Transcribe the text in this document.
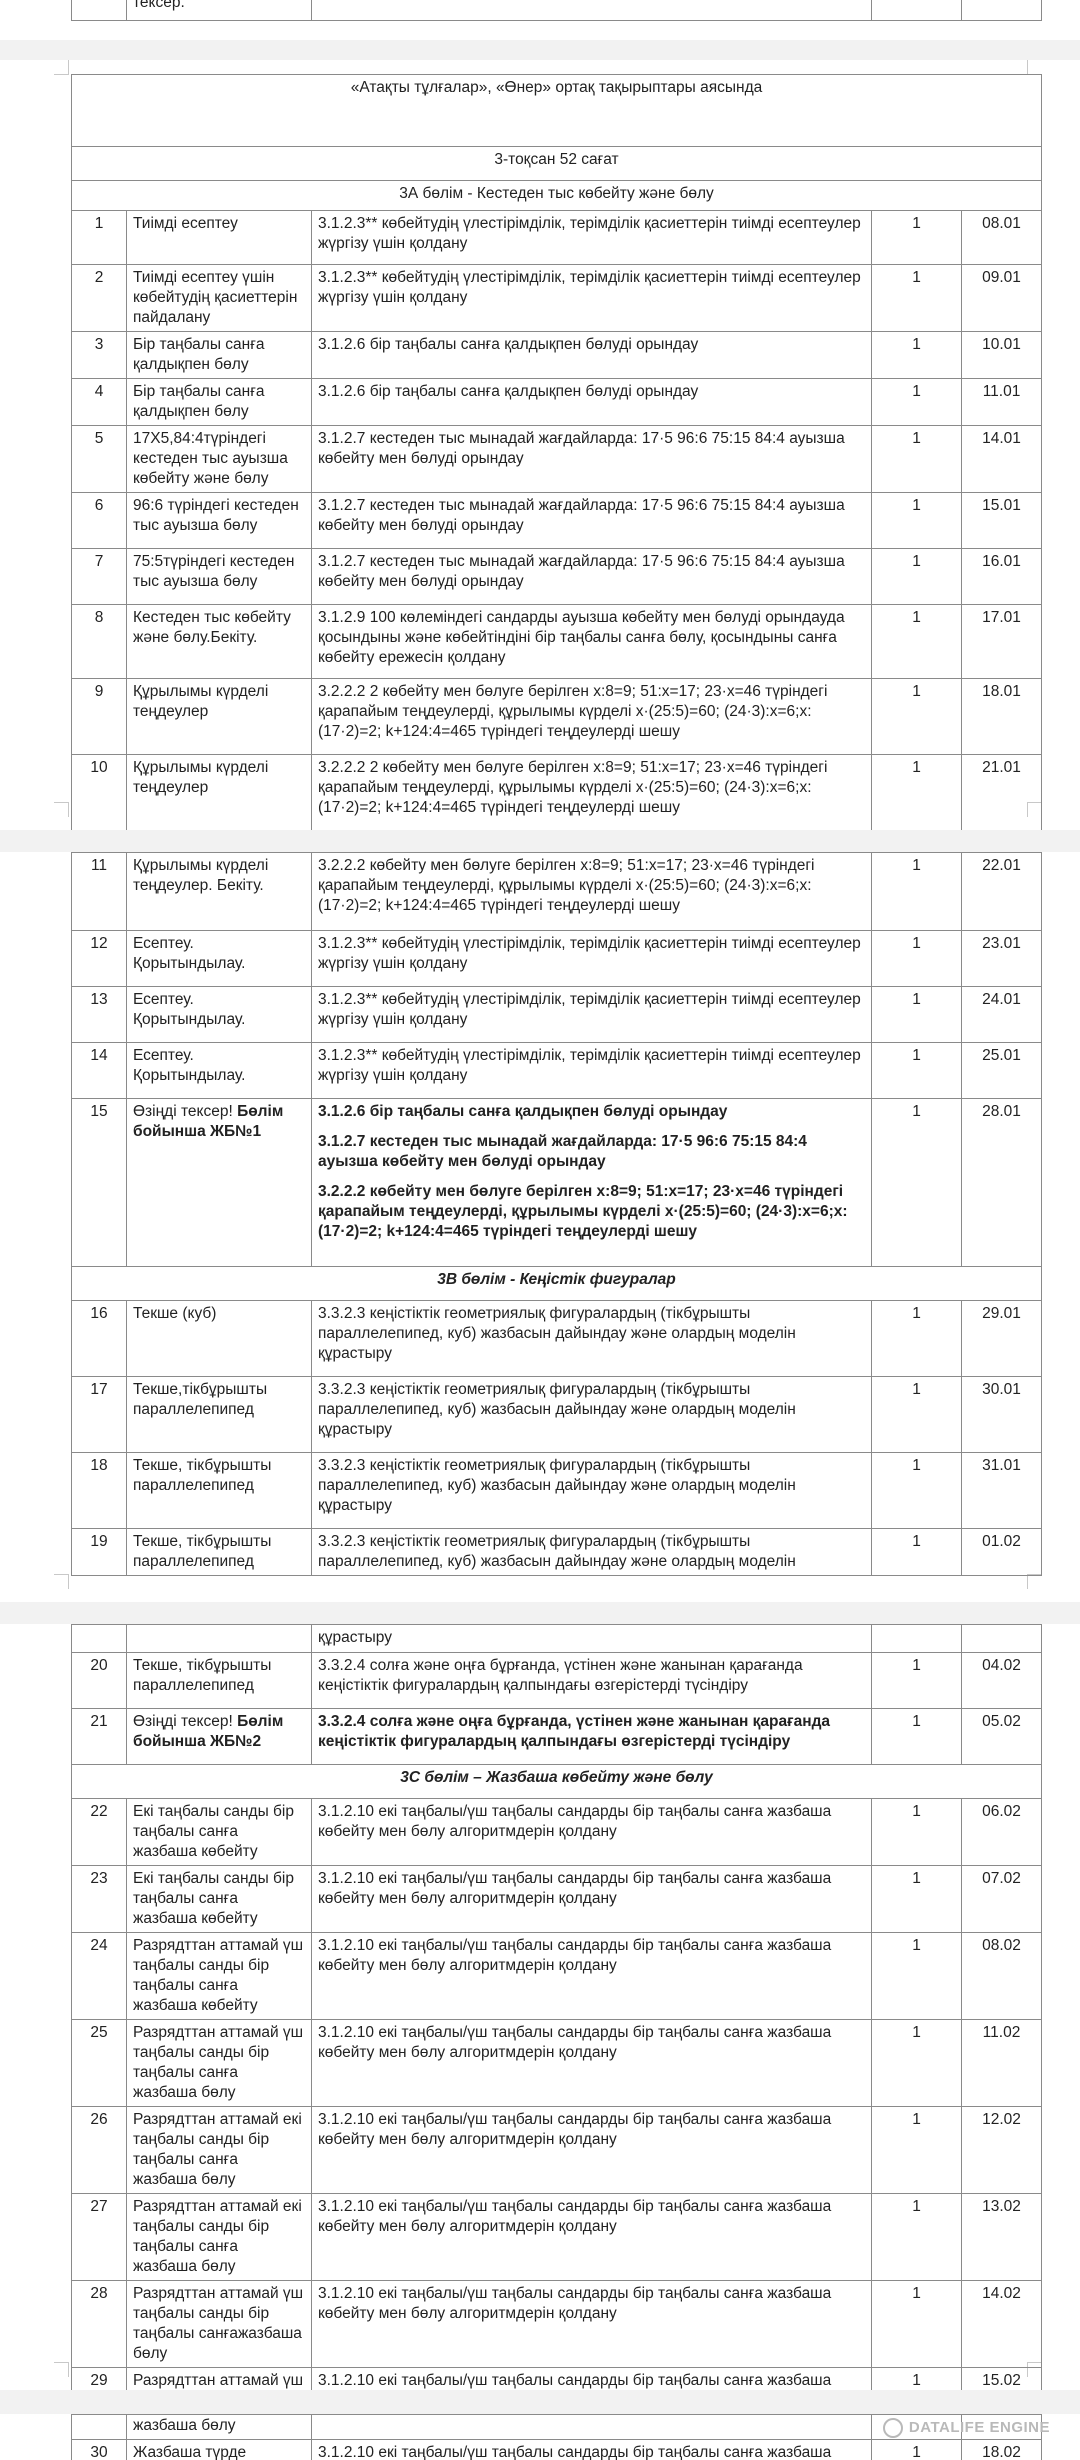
	тексер.			
«Атақты тұлғалар», «Өнер» ортақ тақырыптары аясында				
3-тоқсан 52 сағат				
3А бөлім - Кестеден тыс көбейту және бөлу				
1	Тиімді есептеу	3.1.2.3** көбейтудің үлестірімділік, терімділік қасиеттерін тиімді есептеулер жүргізу үшін қолдану	1	08.01
2	Тиімді есептеу үшін көбейтудің қасиеттерін пайдалану	3.1.2.3** көбейтудің үлестірімділік, терімділік қасиеттерін тиімді есептеулер жүргізу үшін қолдану	1	09.01
3	Бір таңбалы санға қалдықпен бөлу	3.1.2.6 бір таңбалы санға қалдықпен бөлуді орындау	1	10.01
4	Бір таңбалы санға қалдықпен бөлу	3.1.2.6 бір таңбалы санға қалдықпен бөлуді орындау	1	11.01
5	17Х5,84:4түріндегі кестеден тыс ауызша көбейту және бөлу	3.1.2.7 кестеден тыс мынадай жағдайларда: 17·5 96:6 75:15 84:4 ауызша көбейту мен бөлуді орындау	1	14.01
6	96:6 түріндегі кестеден тыс ауызша бөлу	3.1.2.7 кестеден тыс мынадай жағдайларда: 17·5 96:6 75:15 84:4 ауызша көбейту мен бөлуді орындау	1	15.01
7	75:5түріндегі кестеден тыс ауызша бөлу	3.1.2.7 кестеден тыс мынадай жағдайларда: 17·5 96:6 75:15 84:4 ауызша көбейту мен бөлуді орындау	1	16.01
8	Кестеден тыс көбейту және бөлу.Бекіту.	3.1.2.9 100 көлеміндегі сандарды ауызша көбейту мен бөлуді орындауда қосындыны және көбейтіндіні бір таңбалы санға бөлу, қосындыны санға көбейту ережесін қолдану	1	17.01
9	Құрылымы күрделі теңдеулер	3.2.2.2 2 көбейту мен бөлуге берілген х:8=9; 51:х=17; 23·х=46 түріндегі қарапайым теңдеулерді, құрылымы күрделі х·(25:5)=60; (24·3):х=6;х:(17·2)=2; k+124:4=465 түріндегі теңдеулерді шешу	1	18.01
10	Құрылымы күрделі теңдеулер	3.2.2.2 2 көбейту мен бөлуге берілген х:8=9; 51:х=17; 23·х=46 түріндегі қарапайым теңдеулерді, құрылымы күрделі х·(25:5)=60; (24·3):х=6;х:(17·2)=2; k+124:4=465 түріндегі теңдеулерді шешу	1	21.01
11	Құрылымы күрделі теңдеулер. Бекіту.	3.2.2.2 көбейту мен бөлуге берілген х:8=9; 51:х=17; 23·х=46 түріндегі қарапайым теңдеулерді, құрылымы күрделі х·(25:5)=60; (24·3):х=6;х:(17·2)=2; k+124:4=465 түріндегі теңдеулерді шешу	1	22.01
12	Есептеу. Қорытындылау.	3.1.2.3** көбейтудің үлестірімділік, терімділік қасиеттерін тиімді есептеулер жүргізу үшін қолдану	1	23.01
13	Есептеу. Қорытындылау.	3.1.2.3** көбейтудің үлестірімділік, терімділік қасиеттерін тиімді есептеулер жүргізу үшін қолдану	1	24.01
14	Есептеу. Қорытындылау.	3.1.2.3** көбейтудің үлестірімділік, терімділік қасиеттерін тиімді есептеулер жүргізу үшін қолдану	1	25.01
15	Өзіңді тексер! Бөлім бойынша ЖБ№1	3.1.2.6 бір таңбалы санға қалдықпен бөлуді орындау
3.1.2.7 кестеден тыс мынадай жағдайларда: 17·5 96:6 75:15 84:4 ауызша көбейту мен бөлуді орындау
3.2.2.2 көбейту мен бөлуге берілген х:8=9; 51:х=17; 23·х=46 түріндегі қарапайым теңдеулерді, құрылымы күрделі х·(25:5)=60; (24·3):х=6;х:(17·2)=2; k+124:4=465 түріндегі теңдеулерді шешу	1	28.01
3В бөлім - Кеңістік фигуралар				
16	Текше (куб)	3.3.2.3 кеңістіктік геометриялық фигуралардың (тікбұрышты параллелепипед, куб) жазбасын дайындау және олардың моделін құрастыру	1	29.01
17	Текше,тікбұрышты параллелепипед	3.3.2.3 кеңістіктік геометриялық фигуралардың (тікбұрышты параллелепипед, куб) жазбасын дайындау және олардың моделін құрастыру	1	30.01
18	Текше, тікбұрышты параллелепипед	3.3.2.3 кеңістіктік геометриялық фигуралардың (тікбұрышты параллелепипед, куб) жазбасын дайындау және олардың моделін құрастыру	1	31.01
19	Текше, тікбұрышты параллелепипед	3.3.2.3 кеңістіктік геометриялық фигуралардың (тікбұрышты параллелепипед, куб) жазбасын дайындау және олардың моделін	1	01.02
		құрастыру		
20	Текше, тікбұрышты параллелепипед	3.3.2.4 солға және оңға бұрғанда, үстінен және жанынан қарағанда кеңістіктік фигуралардың қалпындағы өзгерістерді түсіндіру	1	04.02
21	Өзіңді тексер! Бөлім бойынша ЖБ№2	3.3.2.4 солға және оңға бұрғанда, үстінен және жанынан қарағанда кеңістіктік фигуралардың қалпындағы өзгерістерді түсіндіру	1	05.02
3С бөлім – Жазбаша көбейту және бөлу				
22	Екі таңбалы санды бір таңбалы санға жазбаша көбейту	3.1.2.10 екі таңбалы/үш таңбалы сандарды бір таңбалы санға жазбаша көбейту мен бөлу алгоритмдерін қолдану	1	06.02
23	Екі таңбалы санды бір таңбалы санға жазбаша көбейту	3.1.2.10 екі таңбалы/үш таңбалы сандарды бір таңбалы санға жазбаша көбейту мен бөлу алгоритмдерін қолдану	1	07.02
24	Разрядттан аттамай үш таңбалы санды бір таңбалы санға жазбаша көбейту	3.1.2.10 екі таңбалы/үш таңбалы сандарды бір таңбалы санға жазбаша көбейту мен бөлу алгоритмдерін қолдану	1	08.02
25	Разрядттан аттамай үш таңбалы санды бір таңбалы санға жазбаша бөлу	3.1.2.10 екі таңбалы/үш таңбалы сандарды бір таңбалы санға жазбаша көбейту мен бөлу алгоритмдерін қолдану	1	11.02
26	Разрядттан аттамай екі таңбалы санды бір таңбалы санға жазбаша бөлу	3.1.2.10 екі таңбалы/үш таңбалы сандарды бір таңбалы санға жазбаша көбейту мен бөлу алгоритмдерін қолдану	1	12.02
27	Разрядттан аттамай екі таңбалы санды бір таңбалы санға жазбаша бөлу	3.1.2.10 екі таңбалы/үш таңбалы сандарды бір таңбалы санға жазбаша көбейту мен бөлу алгоритмдерін қолдану	1	13.02
28	Разрядттан аттамай үш таңбалы санды бір таңбалы санғажазбаша бөлу	3.1.2.10 екі таңбалы/үш таңбалы сандарды бір таңбалы санға жазбаша көбейту мен бөлу алгоритмдерін қолдану	1	14.02
29	Разрядттан аттамай үш	3.1.2.10 екі таңбалы/үш таңбалы сандарды бір таңбалы санға жазбаша	1	15.02
	жазбаша бөлу			
30	Жазбаша түрде	3.1.2.10 екі таңбалы/үш таңбалы сандарды бір таңбалы санға жазбаша	1	18.02
DATALIFE ENGINE
